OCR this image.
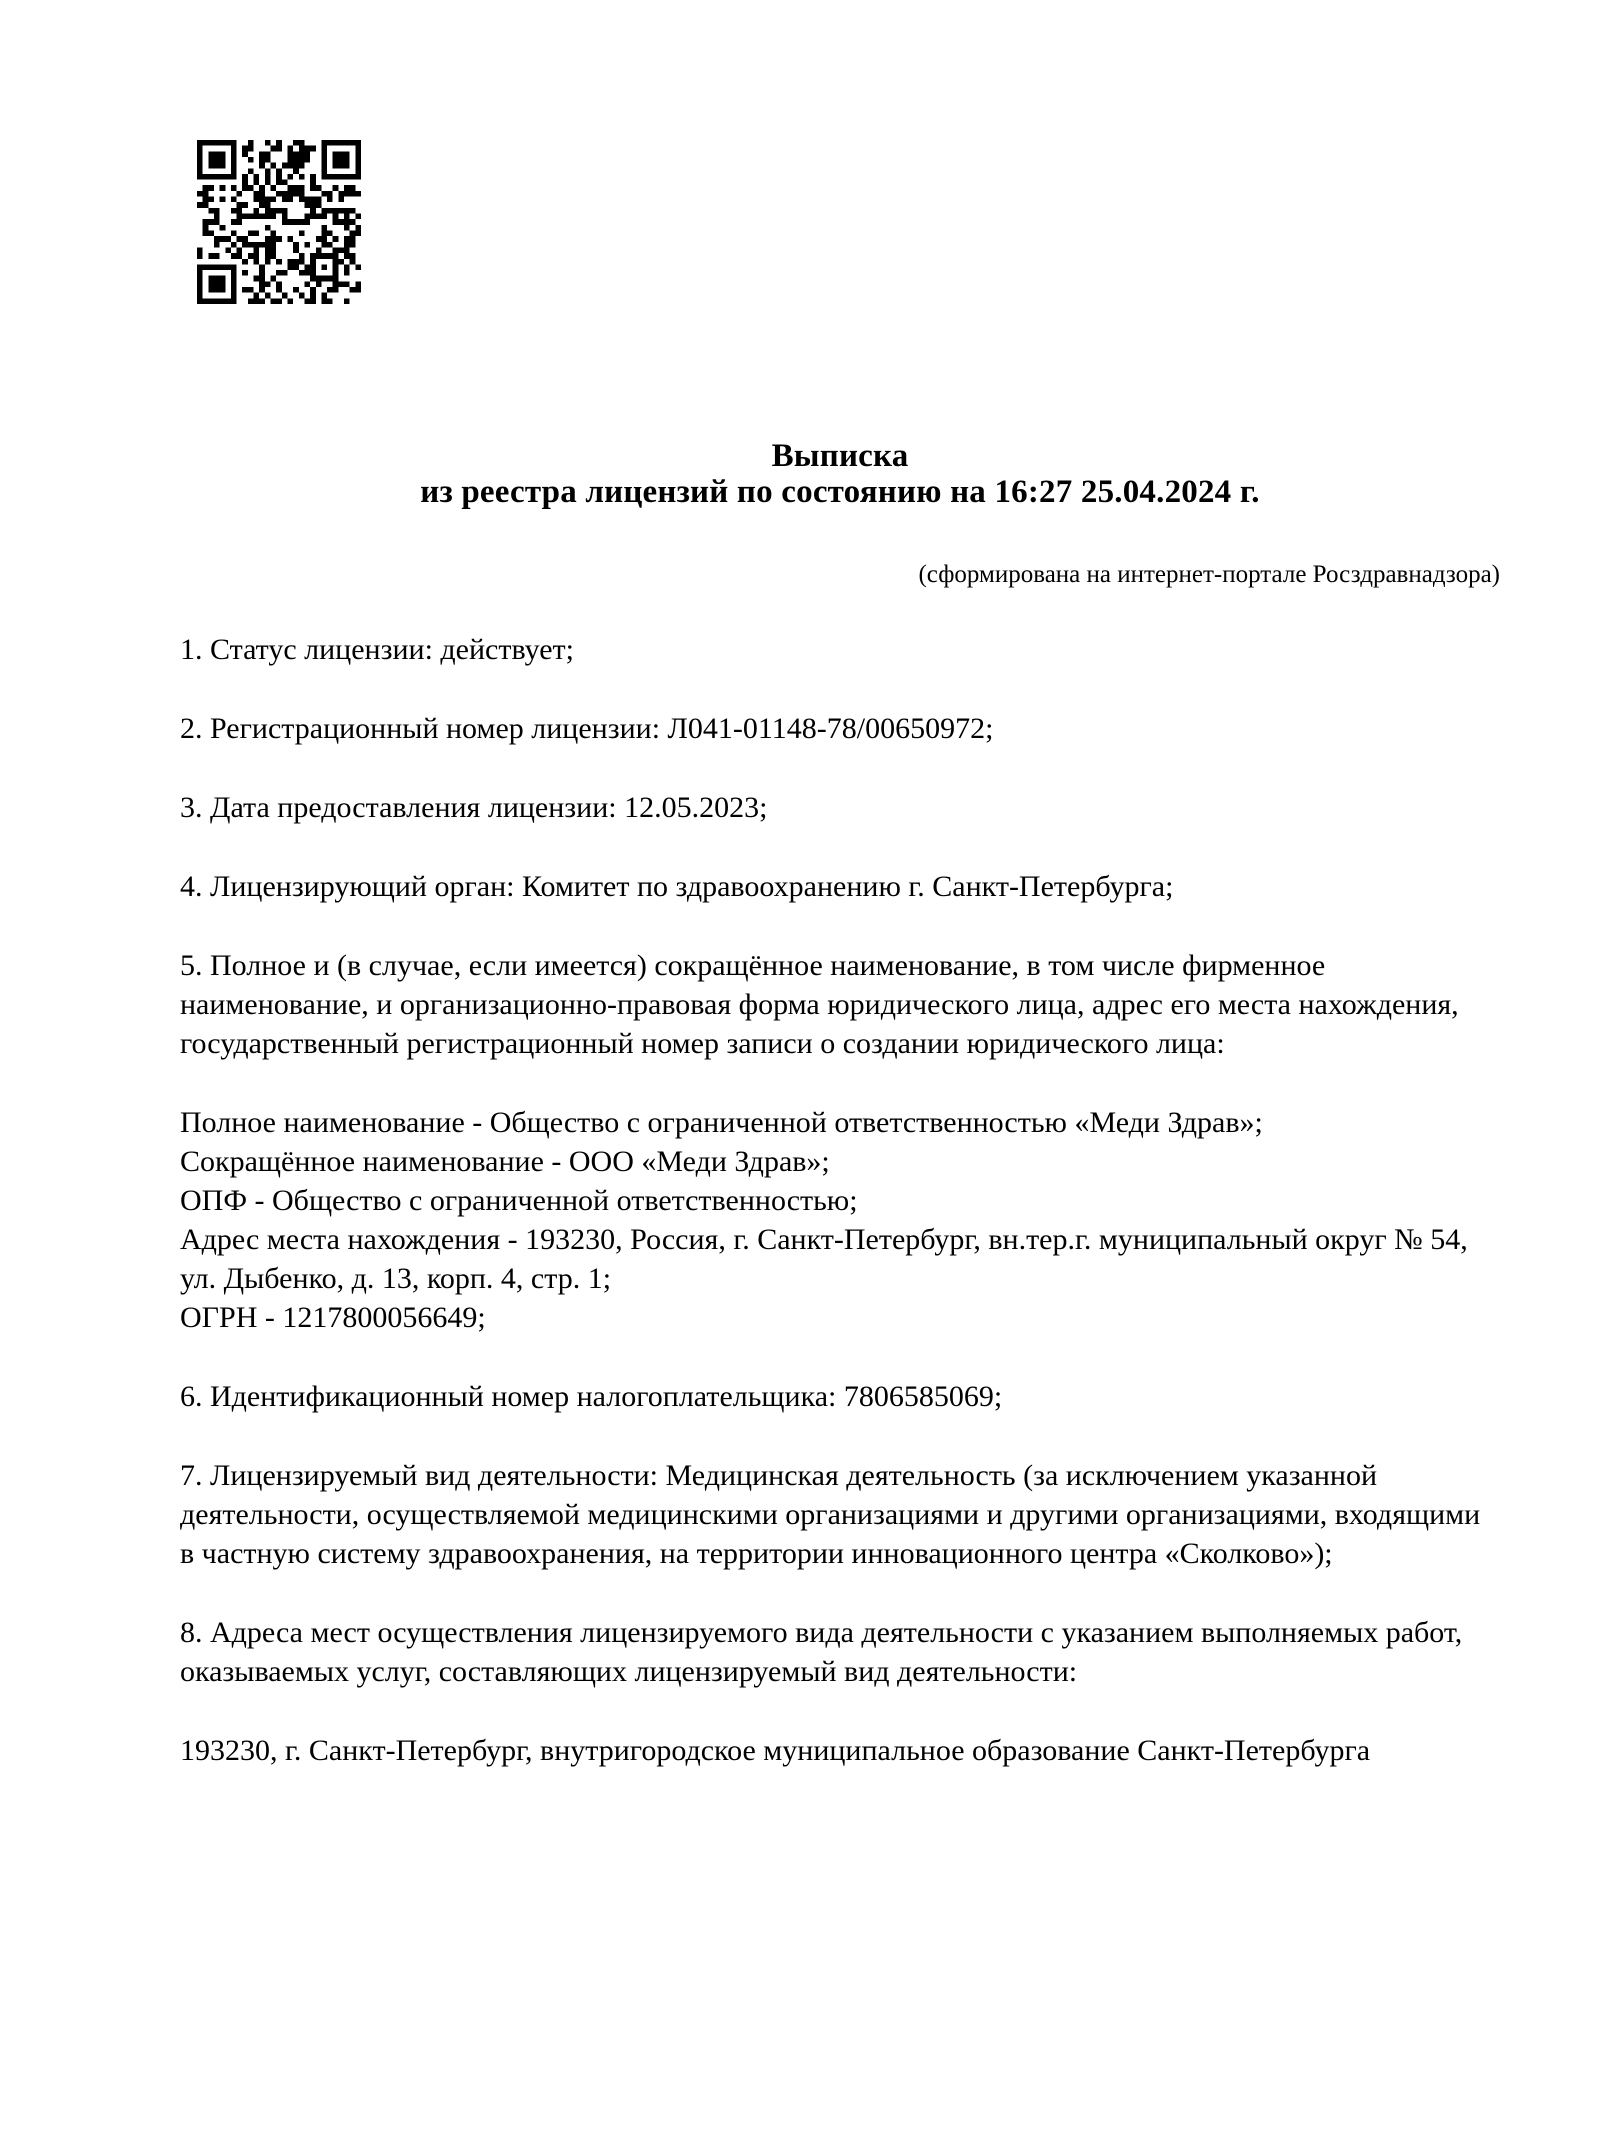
Выписка
из реестра лицензий по состоянию на 16:27 25.04.2024 г.
(сформирована на интернет-портале Росздравнадзора)

1. Статус лицензии: действует;

2. Регистрационный номер лицензии: Л041-01148-78/00650972;

3. Дата предоставления лицензии: 12.05.2023;

4. Лицензирующий орган: Комитет по здравоохранению г. Санкт-Петербурга;

5. Полное и (в случае, если имеется) сокращённое наименование, в том числе фирменное наименование, и организационно-правовая форма юридического лица, адрес его места нахождения, государственный регистрационный номер записи о создании юридического лица:

Полное наименование - Общество с ограниченной ответственностью «Меди Здрав»;
Сокращённое наименование - ООО «Меди Здрав»;
ОПФ - Общество с ограниченной ответственностью;
Адрес места нахождения - 193230, Россия, г. Санкт-Петербург, вн.тер.г. муниципальный округ № 54, ул. Дыбенко, д. 13, корп. 4, стр. 1;
ОГРН - 1217800056649;

6. Идентификационный номер налогоплательщика: 7806585069;

7. Лицензируемый вид деятельности: Медицинская деятельность (за исключением указанной деятельности, осуществляемой медицинскими организациями и другими организациями, входящими в частную систему здравоохранения, на территории инновационного центра «Сколково»);

8. Адреса мест осуществления лицензируемого вида деятельности с указанием выполняемых работ, оказываемых услуг, составляющих лицензируемый вид деятельности:

193230, г. Санкт-Петербург, внутригородское муниципальное образование Санкт-Петербурга
